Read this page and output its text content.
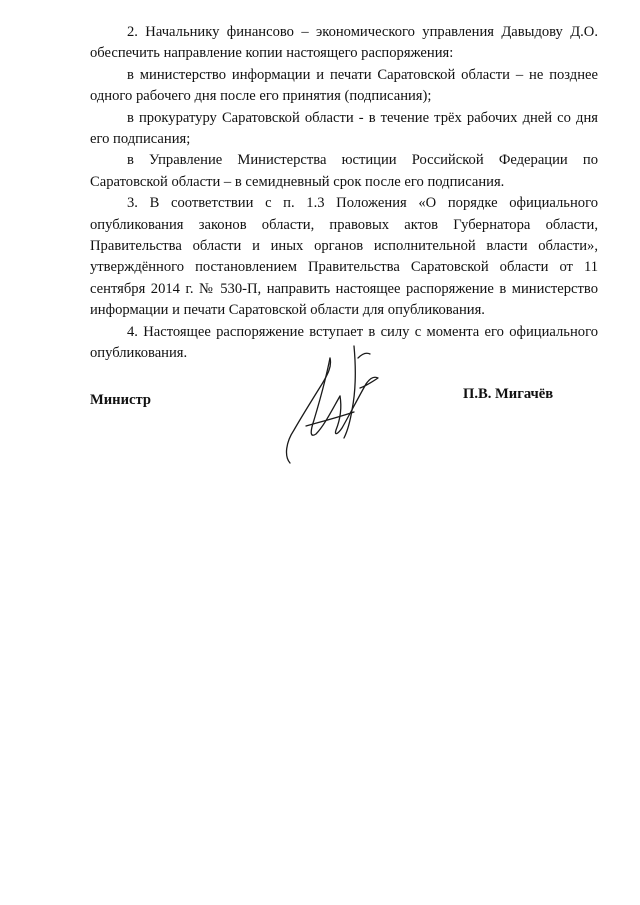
2. Начальнику финансово – экономического управления Давыдову Д.О. обеспечить направление копии настоящего распоряжения:

в министерство информации и печати Саратовской области – не позднее одного рабочего дня после его принятия (подписания);

в прокуратуру Саратовской области - в течение трёх рабочих дней со дня его подписания;

в Управление Министерства юстиции Российской Федерации по Саратовской области – в семидневный срок после его подписания.

3. В соответствии с п. 1.3 Положения «О порядке официального опубликования законов области, правовых актов Губернатора области, Правительства области и иных органов исполнительной власти области», утверждённого постановлением Правительства Саратовской области от 11 сентября 2014 г. № 530-П, направить настоящее распоряжение в министерство информации и печати Саратовской области для опубликования.

4. Настоящее распоряжение вступает в силу с момента его официального опубликования.

Министр	П.В. Мигачёв
